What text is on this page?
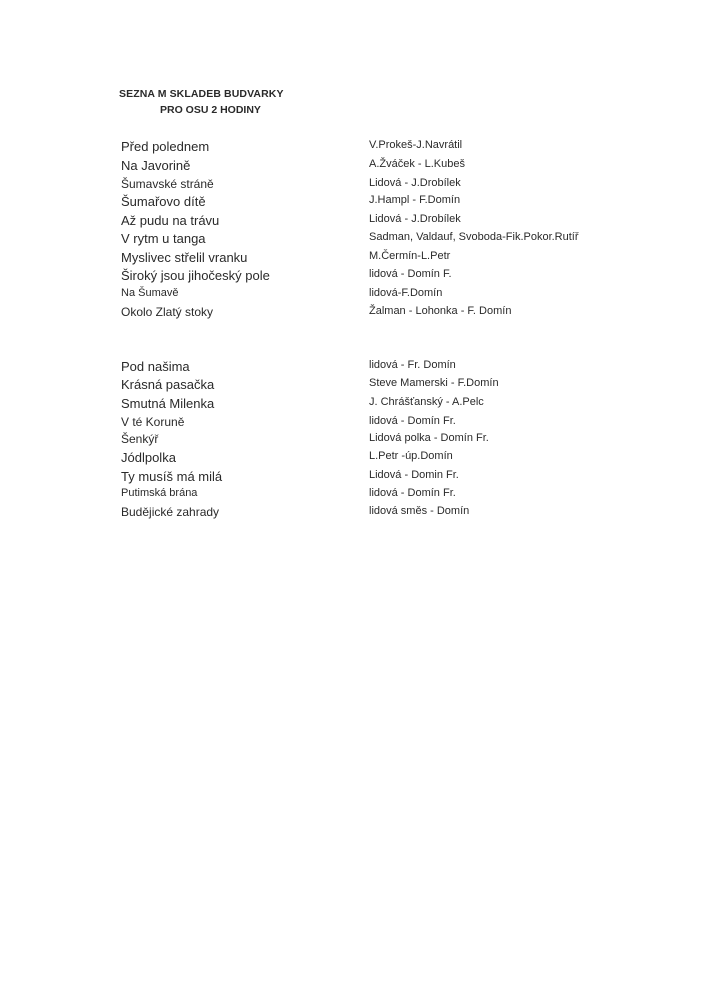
SEZNA M SKLADEB BUDVARKY
PRO OSU 2 HODINY
Před polednem	V.Prokeš-J.Navrátil
Na Javorině	A.Žváček - L.Kubeš
Šumavské stráně	Lidová - J.Drobílek
Šumařovo dítě	J.Hampl - F.Domín
Až pudu na trávu	Lidová - J.Drobílek
V rytm u tanga	Sadman, Valdauf, Svoboda-Fik.Pokor.Rutíř
Myslivec střelil vranku	M.Čermín-L.Petr
Široký jsou jihočeský pole	lidová - Domín F.
Na Šumavě	lidová-F.Domín
Okolo Zlatý stoky	Žalman - Lohonka - F. Domín
Pod našima	lidová - Fr. Domín
Krásná pasačka	Steve Mamerski - F.Domín
Smutná Milenka	J. Chrášťanský - A.Pelc
V té Koruně	lidová - Domín Fr.
Šenkýř	Lidová polka - Domín Fr.
Jódlpolka	L.Petr -úp.Domín
Ty musíš má milá	Lidová - Domin Fr.
Putimská brána	lidová - Domín Fr.
Budějické zahrady	lidová směs - Domín
